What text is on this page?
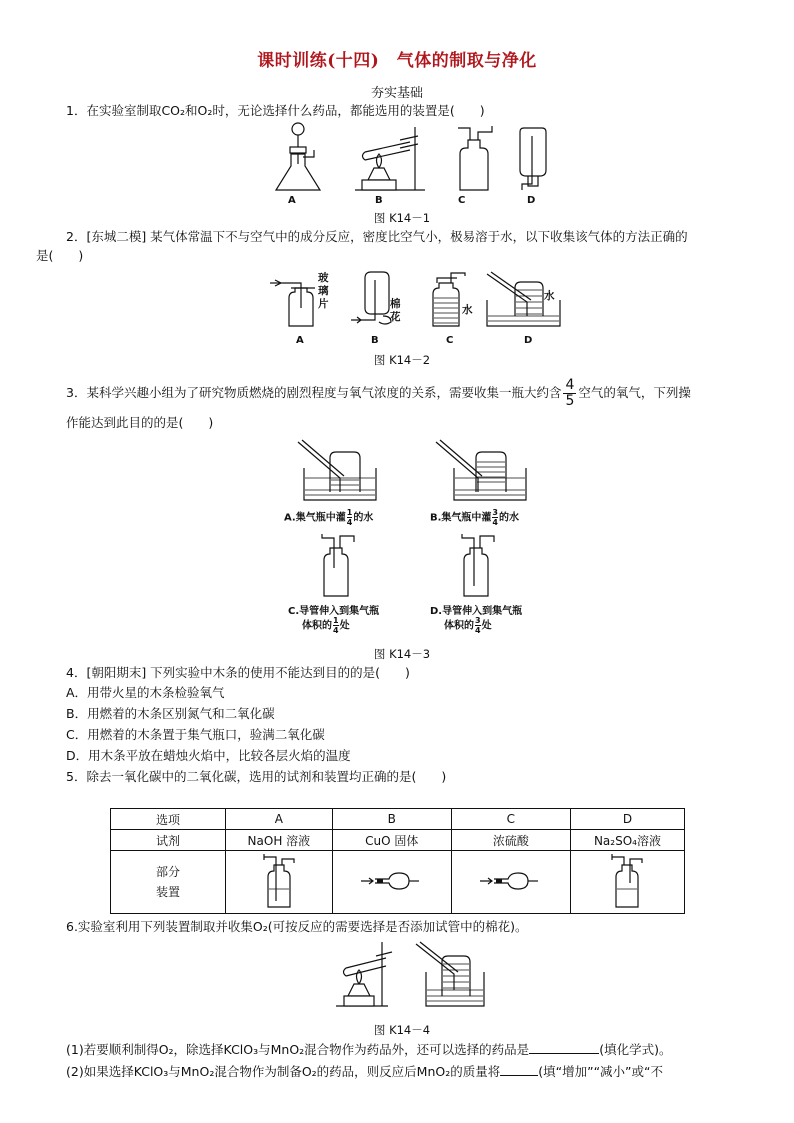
课时训练(十四)　气体的制取与净化
夯实基础
1．在实验室制取CO₂和O₂时，无论选择什么药品，都能选用的装置是(　　)
A	B	C	D
图 K14－1
2．[东城二模] 某气体常温下不与空气中的成分反应，密度比空气小，极易溶于水，以下收集该气体的方法正确的
是(　　)
玻璃片	棉花
水
水
A	B	C	D
图 K14－2
3．某科学兴趣小组为了研究物质燃烧的剧烈程度与氧气浓度的关系，需要收集一瓶大约含 $\frac{4}{5}$ 空气的氧气，下列操
作能达到此目的的是(　　)
A.集气瓶中灌 $\frac{1}{4}$ 的水	B.集气瓶中灌 $\frac{3}{4}$ 的水
C.导管伸入到集气瓶
体积的 $\frac{1}{4}$ 处
D.导管伸入到集气瓶
体积的 $\frac{3}{4}$ 处
图 K14－3
4．[朝阳期末] 下列实验中木条的使用不能达到目的的是(　　)
A．用带火星的木条检验氧气
B．用燃着的木条区别氮气和二氧化碳
C．用燃着的木条置于集气瓶口，验满二氧化碳
D．用木条平放在蜡烛火焰中，比较各层火焰的温度
5．除去一氧化碳中的二氧化碳，选用的试剂和装置均正确的是(　　)
选项	A	B	C	D
试剂	NaOH 溶液	CuO 固体	浓硫酸	Na₂SO₄溶液

部分
装置

6.实验室利用下列装置制取并收集O₂(可按反应的需要选择是否添加试管中的棉花)。
图 K14－4
(1)若要顺利制得O₂，除选择KClO₃与MnO₂混合物作为药品外，还可以选择的药品是	(填化学式)。
(2)如果选择KClO₃与MnO₂混合物作为制备O₂的药品，则反应后MnO₂的质量将	(填“增加”“减小”或“不
